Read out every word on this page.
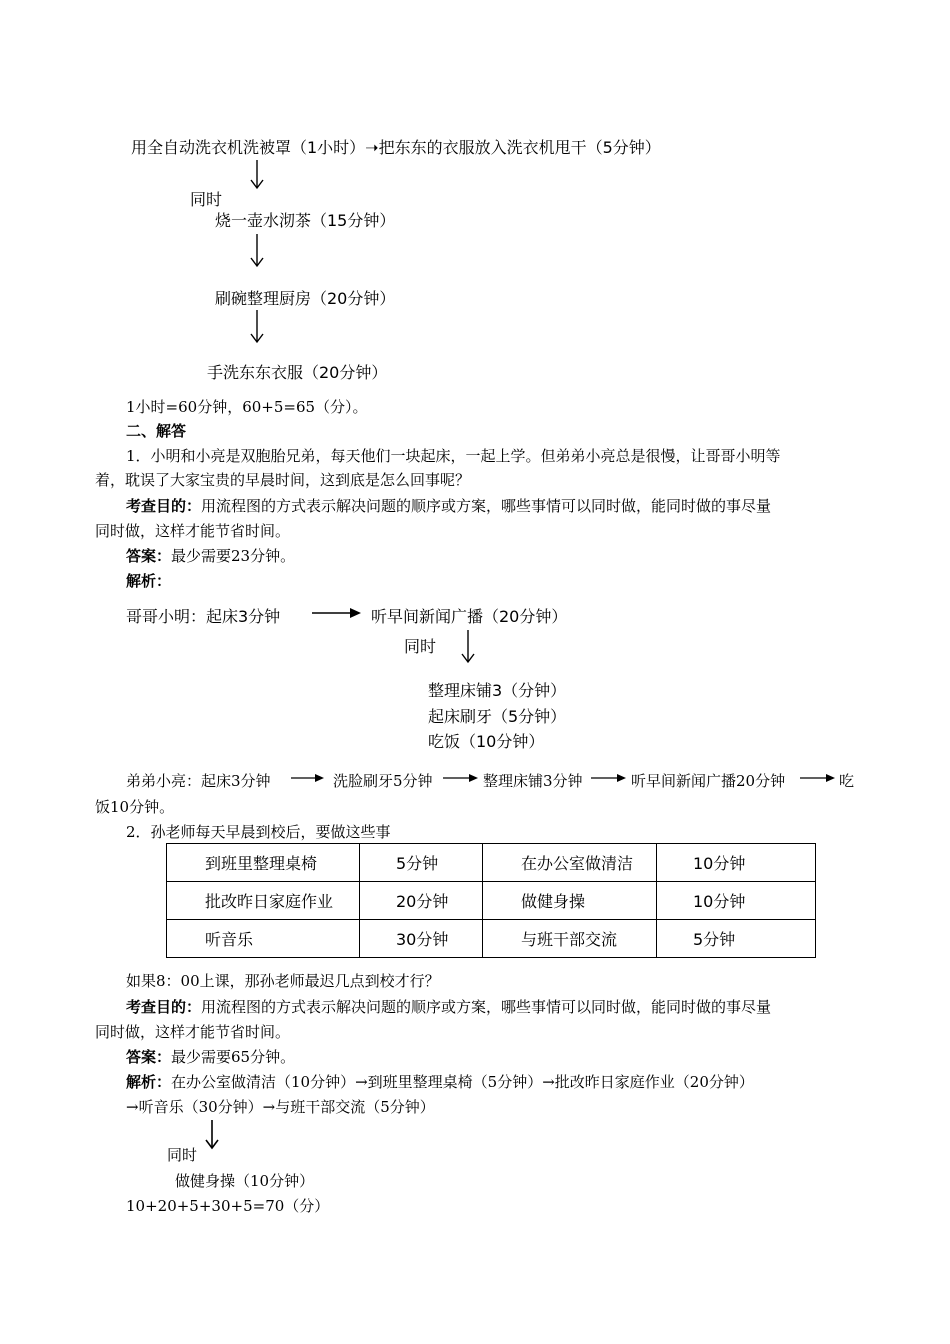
用全自动洗衣机洗被罩（1小时）➝把东东的衣服放入洗衣机甩干（5分钟）
同时
烧一壶水沏茶（15分钟）
刷碗整理厨房（20分钟）
手洗东东衣服（20分钟）
1小时=60分钟，60+5=65（分）。
二、解答
1．小明和小亮是双胞胎兄弟，每天他们一块起床，一起上学。但弟弟小亮总是很慢，让哥哥小明等
着，耽误了大家宝贵的早晨时间，这到底是怎么回事呢？
考查目的：用流程图的方式表示解决问题的顺序或方案，哪些事情可以同时做，能同时做的事尽量
同时做，这样才能节省时间。
答案：最少需要23分钟。
解析：
哥哥小明：起床3分钟	听早间新闻广播（20分钟）
同时
整理床铺3（分钟）
起床刷牙（5分钟）
吃饭（10分钟）
弟弟小亮：起床3分钟	洗脸刷牙5分钟	整理床铺3分钟	听早间新闻广播20分钟	吃
饭10分钟。
2．孙老师每天早晨到校后，要做这些事
到班里整理桌椅	5分钟	在办公室做清洁	10分钟
批改昨日家庭作业	20分钟	做健身操	10分钟
听音乐	30分钟	与班干部交流	5分钟
如果8：00上课，那孙老师最迟几点到校才行？
考查目的：用流程图的方式表示解决问题的顺序或方案，哪些事情可以同时做，能同时做的事尽量
同时做，这样才能节省时间。
答案：最少需要65分钟。
解析：在办公室做清洁（10分钟）→到班里整理桌椅（5分钟）→批改昨日家庭作业（20分钟）
→听音乐（30分钟）→与班干部交流（5分钟）
同时
做健身操（10分钟）
10+20+5+30+5=70（分）
